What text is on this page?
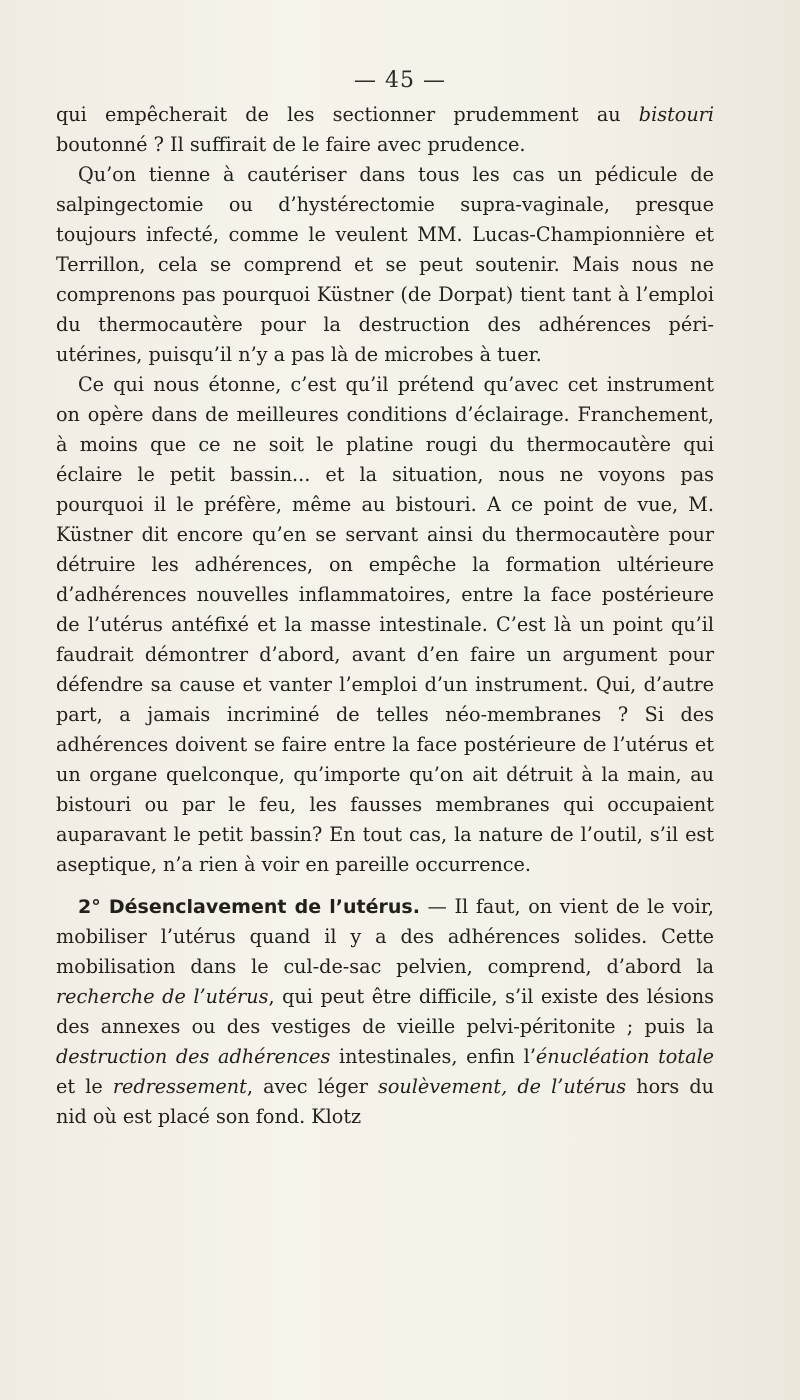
— 45 —

qui empêcherait de les sectionner prudemment au bistouri boutonné ? Il suffirait de le faire avec prudence.

Qu’on tienne à cautériser dans tous les cas un pédicule de salpingectomie ou d’hystérectomie supra-vaginale, presque toujours infecté, comme le veulent MM. Lucas-Championnière et Terrillon, cela se comprend et se peut soutenir. Mais nous ne comprenons pas pourquoi Küstner (de Dorpat) tient tant à l’emploi du thermocautère pour la destruction des adhérences péri-utérines, puisqu’il n’y a pas là de microbes à tuer.

Ce qui nous étonne, c’est qu’il prétend qu’avec cet instrument on opère dans de meilleures conditions d’éclairage. Franchement, à moins que ce ne soit le platine rougi du thermocautère qui éclaire le petit bassin... et la situation, nous ne voyons pas pourquoi il le préfère, même au bistouri. A ce point de vue, M. Küstner dit encore qu’en se servant ainsi du thermocautère pour détruire les adhérences, on empêche la formation ultérieure d’adhérences nouvelles inflammatoires, entre la face postérieure de l’utérus antéfixé et la masse intestinale. C’est là un point qu’il faudrait démontrer d’abord, avant d’en faire un argument pour défendre sa cause et vanter l’emploi d’un instrument. Qui, d’autre part, a jamais incriminé de telles néo-membranes ? Si des adhérences doivent se faire entre la face postérieure de l’utérus et un organe quelconque, qu’importe qu’on ait détruit à la main, au bistouri ou par le feu, les fausses membranes qui occupaient auparavant le petit bassin? En tout cas, la nature de l’outil, s’il est aseptique, n’a rien à voir en pareille occurrence.

2° Désenclavement de l’utérus. — Il faut, on vient de le voir, mobiliser l’utérus quand il y a des adhérences solides. Cette mobilisation dans le cul-de-sac pelvien, comprend, d’abord la recherche de l’utérus, qui peut être difficile, s’il existe des lésions des annexes ou des vestiges de vieille pelvi-péritonite ; puis la destruction des adhérences intestinales, enfin l’énucléation totale et le redressement, avec léger soulèvement, de l’utérus hors du nid où est placé son fond. Klotz
